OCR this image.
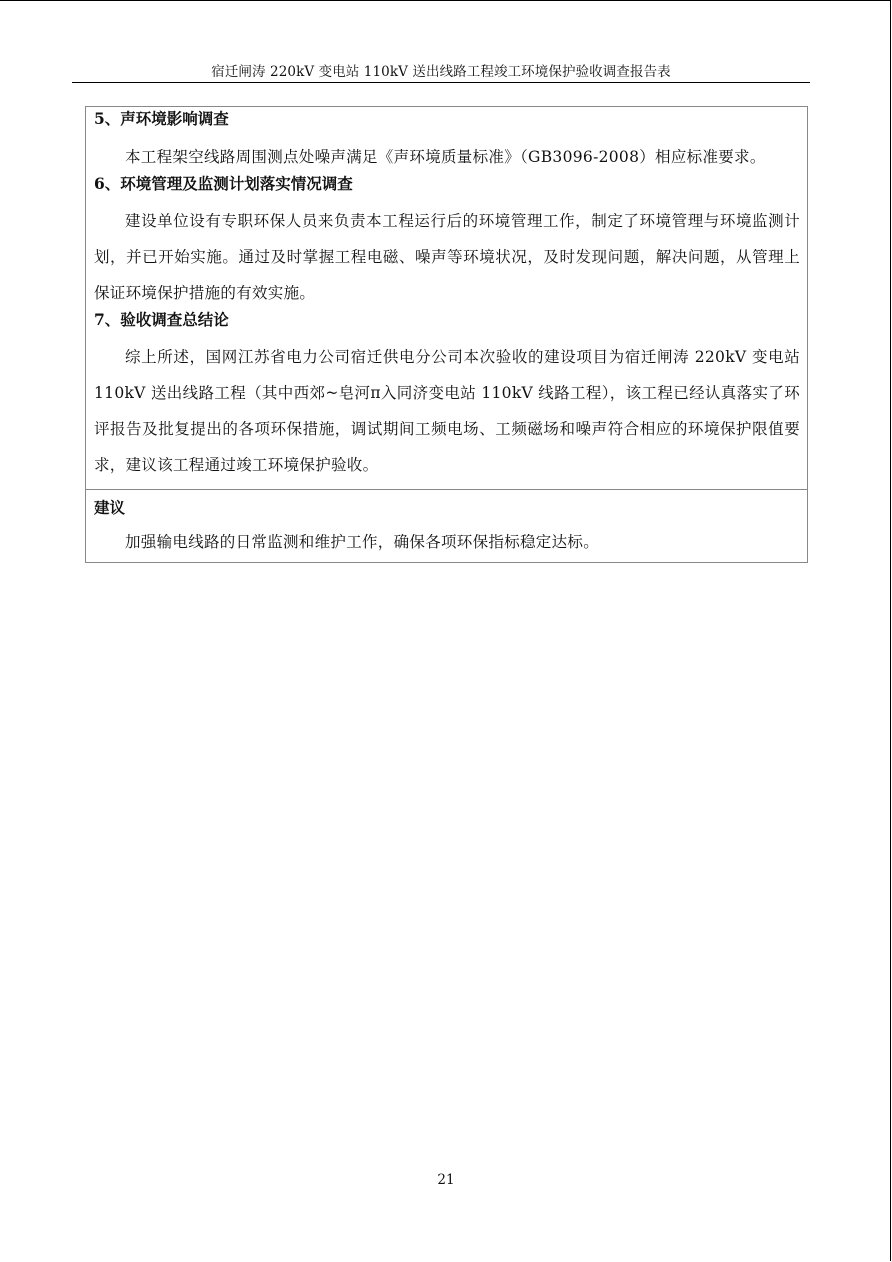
宿迁闸涛 220kV 变电站 110kV 送出线路工程竣工环境保护验收调查报告表
5、声环境影响调查
本工程架空线路周围测点处噪声满足《声环境质量标准》（GB3096-2008）相应标准要求。
6、环境管理及监测计划落实情况调查
建设单位设有专职环保人员来负责本工程运行后的环境管理工作，制定了环境管理与环境监测计划，并已开始实施。通过及时掌握工程电磁、噪声等环境状况，及时发现问题，解决问题，从管理上保证环境保护措施的有效实施。
7、验收调查总结论
综上所述，国网江苏省电力公司宿迁供电分公司本次验收的建设项目为宿迁闸涛 220kV 变电站 110kV 送出线路工程（其中西郊~皂河π入同济变电站 110kV 线路工程），该工程已经认真落实了环评报告及批复提出的各项环保措施，调试期间工频电场、工频磁场和噪声符合相应的环境保护限值要求，建议该工程通过竣工环境保护验收。
建议
加强输电线路的日常监测和维护工作，确保各项环保指标稳定达标。
21
